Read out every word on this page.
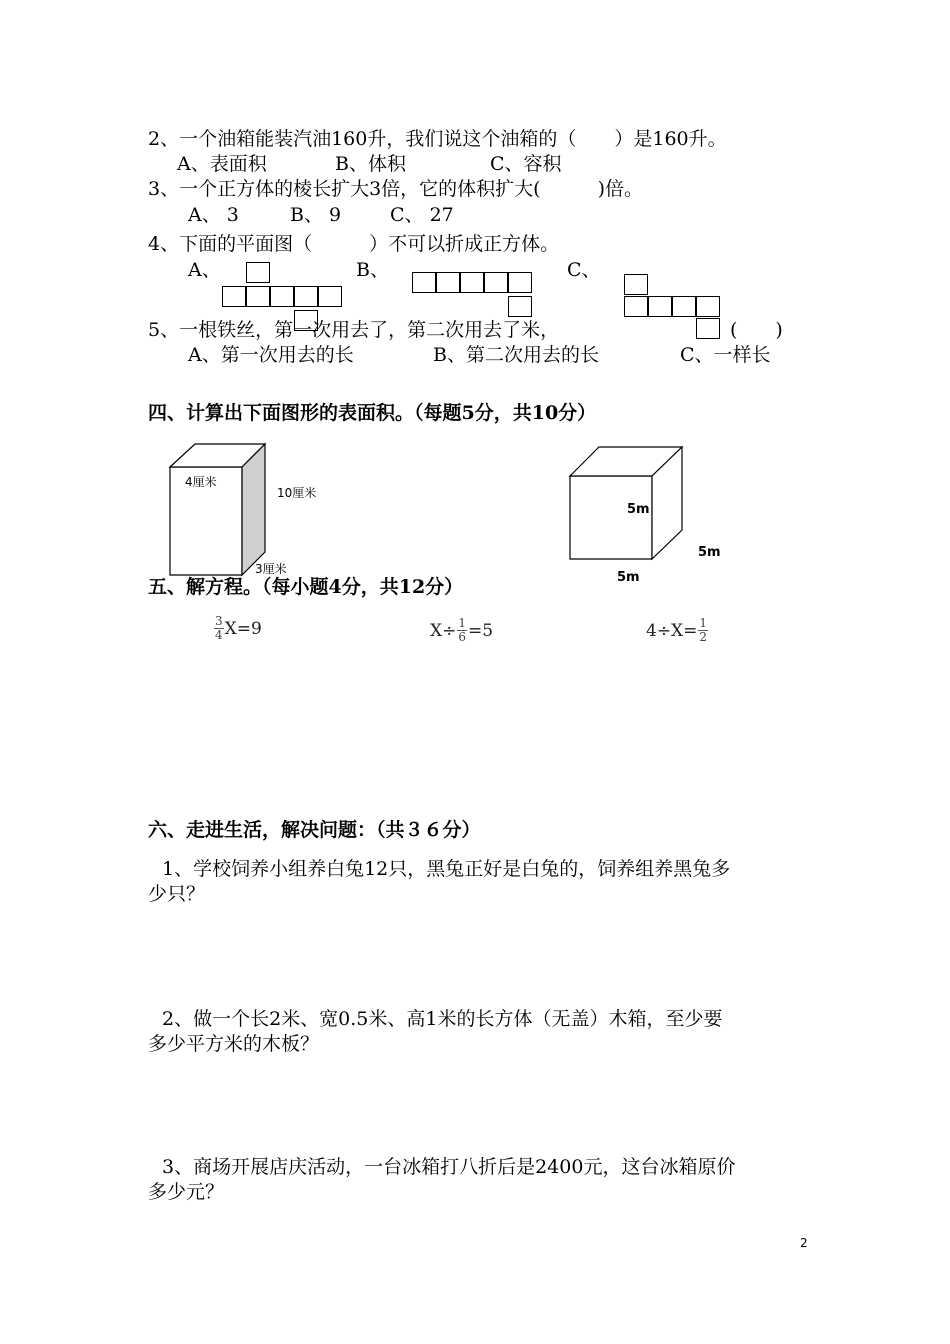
2、一个油箱能装汽油160升，我们说这个油箱的（　　）是160升。
A、表面积	B、体积	C、容积
3、一个正方体的棱长扩大3倍，它的体积扩大(　　　)倍。
A、 3	B、 9	C、 27
4、下面的平面图（　　　）不可以折成正方体。
A、	B、	C、
5、一根铁丝，第一次用去了，第二次用去了米，	(　　)
A、第一次用去的长	B、第二次用去的长	C、一样长
四、计算出下面图形的表面积。（每题5分，共10分）
4厘米
10厘米
3厘米
5m
5m
5m
五、解方程。（每小题4分，共12分）
$\frac{3}{4} X=9$	$X\div \frac{1}{6} =5$	$4\div X= \frac{1}{2}$
六、走进生活，解决问题：（共３６分）
1、学校饲养小组养白兔12只，黑兔正好是白兔的，饲养组养黑兔多
少只？
2、做一个长2米、宽0.5米、高1米的长方体（无盖）木箱，至少要
多少平方米的木板？
3、商场开展店庆活动，一台冰箱打八折后是2400元，这台冰箱原价
多少元？
2
